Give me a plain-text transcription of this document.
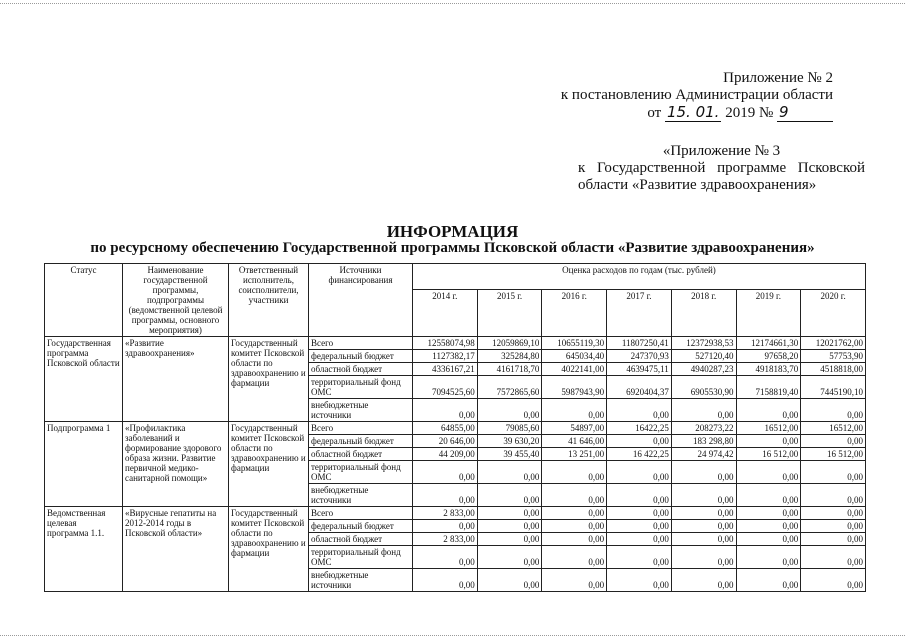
Приложение № 2
к постановлению Администрации области
от 15. 01. 2019 № 9
«Приложение № 3
к Государственной программе Псковской
области «Развитие здравоохранения»
ИНФОРМАЦИЯ
по ресурсному обеспечению Государственной программы Псковской области «Развитие здравоохранения»
Статус	Наименование государственной программы, подпрограммы (ведомственной целевой программы, основного мероприятия)	Ответственный исполнитель, соисполнители, участники	Источники финансирования	Оценка расходов по годам (тыс. рублей)						
				2014 г.	2015 г.	2016 г.	2017 г.	2018 г.	2019 г.	2020 г.
Государственная программа Псковской области	«Развитие здравоохранения»	Государственный комитет Псковской области по здравоохранению и фармации	Всего	12558074,98	12059869,10	10655119,30	11807250,41	12372938,53	12174661,30	12021762,00
			федеральный бюджет	1127382,17	325284,80	645034,40	247370,93	527120,40	97658,20	57753,90
			областной бюджет	4336167,21	4161718,70	4022141,00	4639475,11	4940287,23	4918183,70	4518818,00
			территориальный фонд ОМС	7094525,60	7572865,60	5987943,90	6920404,37	6905530,90	7158819,40	7445190,10
			внебюджетные источники	0,00	0,00	0,00	0,00	0,00	0,00	0,00
Подпрограмма 1	«Профилактика заболеваний и формирование здорового образа жизни. Развитие первичной медико-санитарной помощи»	Государственный комитет Псковской области по здравоохранению и фармации	Всего	64855,00	79085,60	54897,00	16422,25	208273,22	16512,00	16512,00
			федеральный бюджет	20 646,00	39 630,20	41 646,00	0,00	183 298,80	0,00	0,00
			областной бюджет	44 209,00	39 455,40	13 251,00	16 422,25	24 974,42	16 512,00	16 512,00
			территориальный фонд ОМС	0,00	0,00	0,00	0,00	0,00	0,00	0,00
			внебюджетные источники	0,00	0,00	0,00	0,00	0,00	0,00	0,00
Ведомственная целевая программа 1.1.	«Вирусные гепатиты на 2012-2014 годы в Псковской области»	Государственный комитет Псковской области по здравоохранению и фармации	Всего	2 833,00	0,00	0,00	0,00	0,00	0,00	0,00
			федеральный бюджет	0,00	0,00	0,00	0,00	0,00	0,00	0,00
			областной бюджет	2 833,00	0,00	0,00	0,00	0,00	0,00	0,00
			территориальный фонд ОМС	0,00	0,00	0,00	0,00	0,00	0,00	0,00
			внебюджетные источники	0,00	0,00	0,00	0,00	0,00	0,00	0,00
